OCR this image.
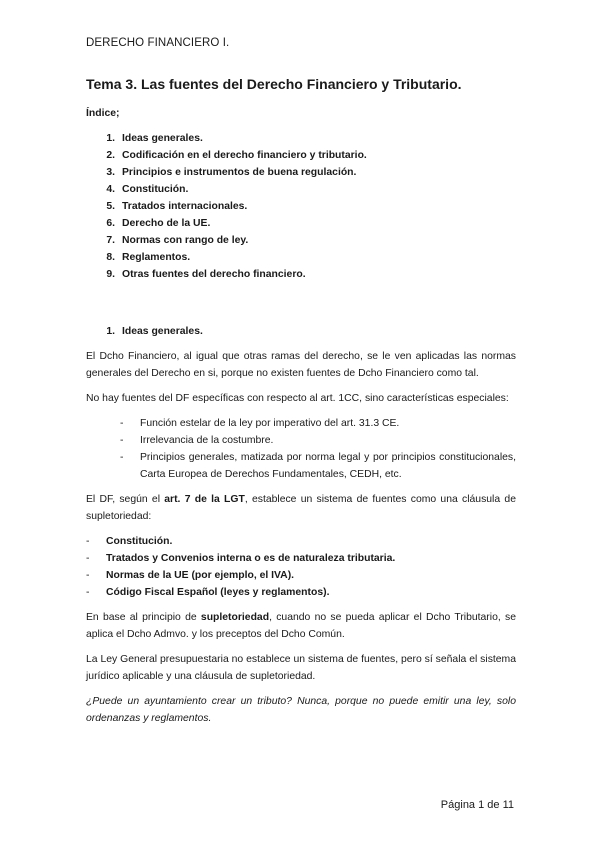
DERECHO FINANCIERO I.
Tema 3. Las fuentes del Derecho Financiero y Tributario.
Índice;
1. Ideas generales.
2. Codificación en el derecho financiero y tributario.
3. Principios e instrumentos de buena regulación.
4. Constitución.
5. Tratados internacionales.
6. Derecho de la UE.
7. Normas con rango de ley.
8. Reglamentos.
9. Otras fuentes del derecho financiero.
1. Ideas generales.

El Dcho Financiero, al igual que otras ramas del derecho, se le ven aplicadas las normas generales del Derecho en si, porque no existen fuentes de Dcho Financiero como tal.

No hay fuentes del DF específicas con respecto al art. 1CC, sino características especiales:

-	Función estelar de la ley por imperativo del art. 31.3 CE.
-	Irrelevancia de la costumbre.
-	Principios generales, matizada por norma legal y por principios constitucionales, Carta Europea de Derechos Fundamentales, CEDH, etc.

El DF, según el art. 7 de la LGT, establece un sistema de fuentes como una cláusula de supletoriedad:

-	Constitución.
-	Tratados y Convenios interna o es de naturaleza tributaria.
-	Normas de la UE (por ejemplo, el IVA).
-	Código Fiscal Español (leyes y reglamentos).

En base al principio de supletoriedad, cuando no se pueda aplicar el Dcho Tributario, se aplica el Dcho Admvo. y los preceptos del Dcho Común.

La Ley General presupuestaria no establece un sistema de fuentes, pero sí señala el sistema jurídico aplicable y una cláusula de supletoriedad.

¿Puede un ayuntamiento crear un tributo? Nunca, porque no puede emitir una ley, solo ordenanzas y reglamentos.

Página 1 de 11
